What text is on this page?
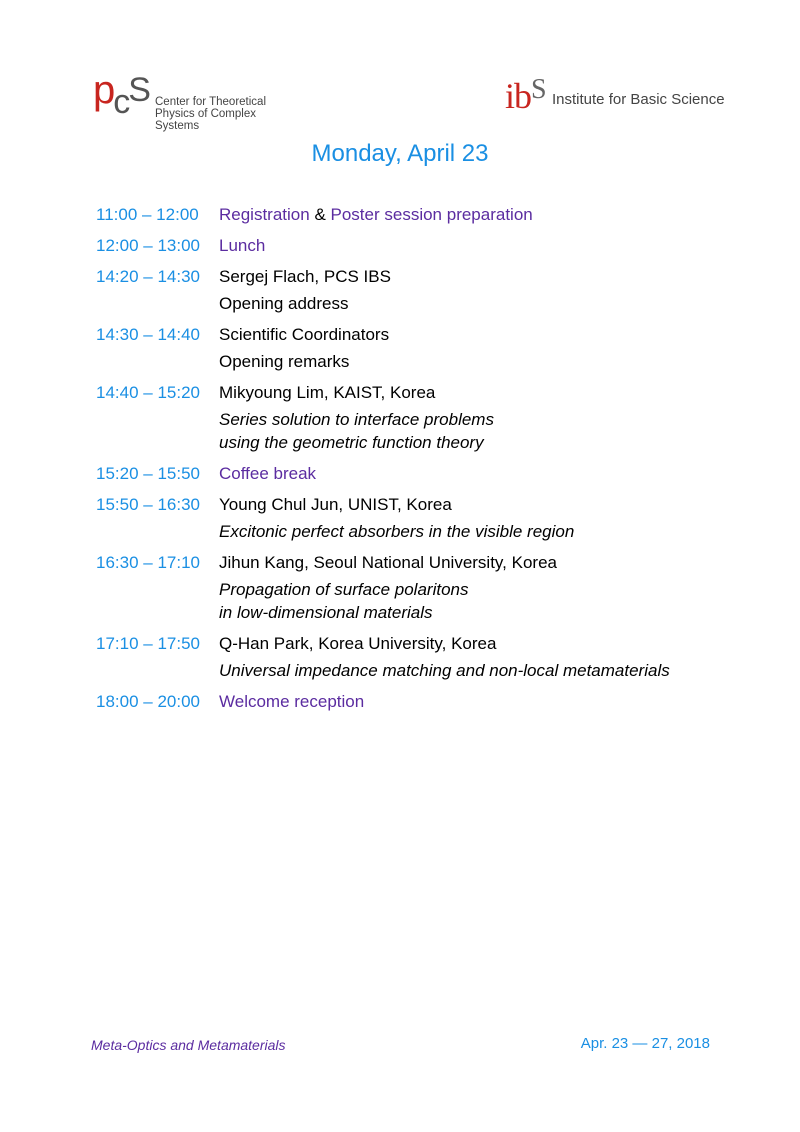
$p_cS$ Center for Theoretical
Physics of Complex Systems
$ib^S$ Institute for Basic Science
Monday, April 23
11:00 – 12:00	Registration & Poster session preparation
12:00 – 13:00	Lunch
14:20 – 14:30	Sergej Flach, PCS IBS
Opening address
14:30 – 14:40	Scientific Coordinators
Opening remarks
14:40 – 15:20	Mikyoung Lim, KAIST, Korea
Series solution to interface problems
using the geometric function theory
15:20 – 15:50	Coffee break
15:50 – 16:30	Young Chul Jun, UNIST, Korea
Excitonic perfect absorbers in the visible region
16:30 – 17:10	Jihun Kang, Seoul National University, Korea
Propagation of surface polaritons
in low-dimensional materials
17:10 – 17:50	Q-Han Park, Korea University, Korea
Universal impedance matching and non-local metamaterials
18:00 – 20:00	Welcome reception
Meta-Optics and Metamaterials	Apr. 23 — 27, 2018
